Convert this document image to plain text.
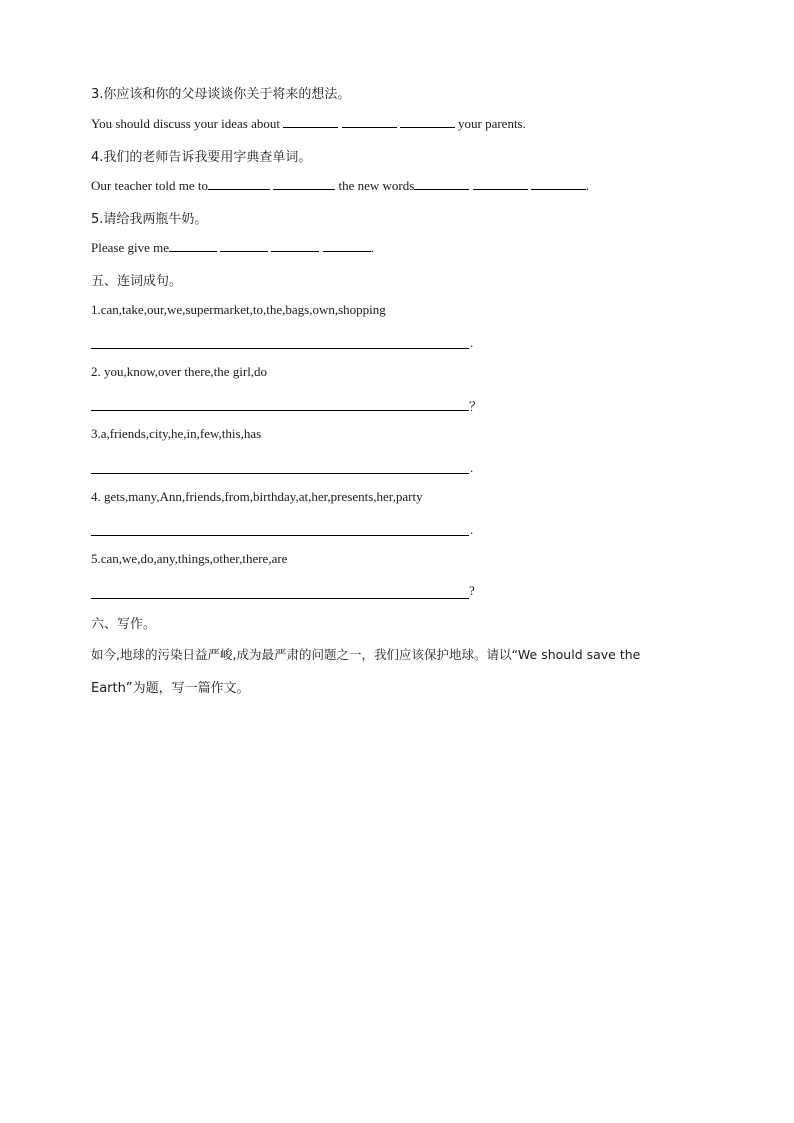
3.你应该和你的父母谈谈你关于将来的想法。
You should discuss your ideas about	your parents.
4.我们的老师告诉我要用字典查单词。
Our teacher told me to	the new words	.
5.请给我两瓶牛奶。
Please give me	.
五、连词成句。
1.can,take,our,we,supermarket,to,the,bags,own,shopping
.
2. you,know,over there,the girl,do
？
3.a,friends,city,he,in,few,this,has
.
4. gets,many,Ann,friends,from,birthday,at,her,presents,her,party
.
5.can,we,do,any,things,other,there,are
?
六、写作。
如今,地球的污染日益严峻,成为最严肃的问题之一，我们应该保护地球。请以“We should save the
Earth”为题，写一篇作文。
